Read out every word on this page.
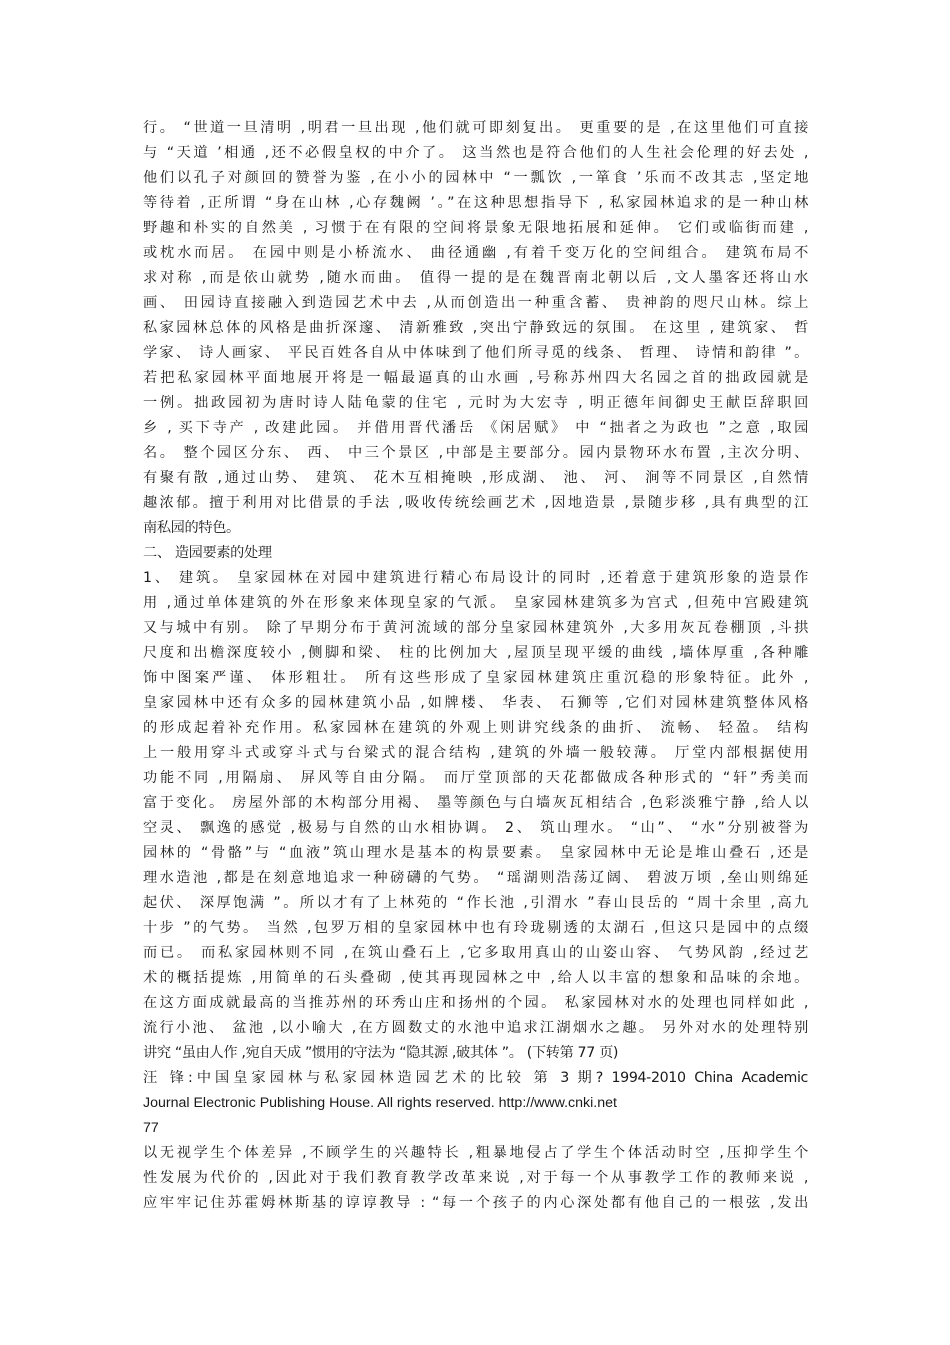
行。 “世道一旦清明 ,明君一旦出现 ,他们就可即刻复出。 更重要的是 ,在这里他们可直接
与 “天道 ’相通 ,还不必假皇权的中介了。 这当然也是符合他们的人生社会伦理的好去处 ,
他们以孔子对颜回的赞誉为鉴 ,在小小的园林中 “一瓢饮 ,一箪食 ’乐而不改其志 ,坚定地
等待着 ,正所谓 “身在山林 ,心存魏阙 ’。”在这种思想指导下 , 私家园林追求的是一种山林
野趣和朴实的自然美 , 习惯于在有限的空间将景象无限地拓展和延伸。 它们或临街而建 ,
或枕水而居。 在园中则是小桥流水、 曲径通幽 ,有着千变万化的空间组合。 建筑布局不
求对称 ,而是依山就势 ,随水而曲。 值得一提的是在魏晋南北朝以后 ,文人墨客还将山水
画、 田园诗直接融入到造园艺术中去 ,从而创造出一种重含蓄、 贵神韵的咫尺山林。综上
私家园林总体的风格是曲折深邃、 清新雅致 ,突出宁静致远的氛围。 在这里 , 建筑家、 哲
学家、 诗人画家、 平民百姓各自从中体味到了他们所寻觅的线条、 哲理、 诗情和韵律 ”。
若把私家园林平面地展开将是一幅最逼真的山水画 ,号称苏州四大名园之首的拙政园就是
一例。拙政园初为唐时诗人陆龟蒙的住宅 , 元时为大宏寺 , 明正德年间御史王献臣辞职回
乡 , 买下寺产 , 改建此园。 并借用晋代潘岳 《闲居赋》 中 “拙者之为政也 ”之意 ,取园
名。 整个园区分东、 西、 中三个景区 ,中部是主要部分。园内景物环水布置 ,主次分明、
有聚有散 ,通过山势、 建筑、 花木互相掩映 ,形成湖、 池、 河、 涧等不同景区 ,自然情
趣浓郁。擅于利用对比借景的手法 ,吸收传统绘画艺术 ,因地造景 ,景随步移 ,具有典型的江
南私园的特色。
二、 造园要素的处理
1、 建筑。 皇家园林在对园中建筑进行精心布局设计的同时 ,还着意于建筑形象的造景作
用 ,通过单体建筑的外在形象来体现皇家的气派。 皇家园林建筑多为宫式 ,但苑中宫殿建筑
又与城中有别。 除了早期分布于黄河流域的部分皇家园林建筑外 ,大多用灰瓦卷棚顶 ,斗拱
尺度和出檐深度较小 ,侧脚和梁、 柱的比例加大 ,屋顶呈现平缓的曲线 ,墙体厚重 ,各种雕
饰中图案严谨、 体形粗壮。 所有这些形成了皇家园林建筑庄重沉稳的形象特征。此外 ,
皇家园林中还有众多的园林建筑小品 ,如牌楼、 华表、 石狮等 ,它们对园林建筑整体风格
的形成起着补充作用。私家园林在建筑的外观上则讲究线条的曲折、 流畅、 轻盈。 结构
上一般用穿斗式或穿斗式与台梁式的混合结构 ,建筑的外墙一般较薄。 厅堂内部根据使用
功能不同 ,用隔扇、 屏风等自由分隔。 而厅堂顶部的天花都做成各种形式的 “轩”秀美而
富于变化。 房屋外部的木构部分用褐、 墨等颜色与白墙灰瓦相结合 ,色彩淡雅宁静 ,给人以
空灵、 飘逸的感觉 ,极易与自然的山水相协调。 2、 筑山理水。 “山”、 “水”分别被誉为
园林的 “骨骼”与 “血液”筑山理水是基本的构景要素。 皇家园林中无论是堆山叠石 ,还是
理水造池 ,都是在刻意地追求一种磅礴的气势。 “瑶湖则浩荡辽阔、 碧波万顷 ,垒山则绵延
起伏、 深厚饱满 ”。所以才有了上林苑的 “作长池 ,引渭水 ”春山艮岳的 “周十余里 ,高九
十步 ”的气势。 当然 ,包罗万相的皇家园林中也有玲珑剔透的太湖石 ,但这只是园中的点缀
而已。 而私家园林则不同 ,在筑山叠石上 ,它多取用真山的山姿山容、 气势风韵 ,经过艺
术的概括提炼 ,用简单的石头叠砌 ,使其再现园林之中 ,给人以丰富的想象和品味的余地。
在这方面成就最高的当推苏州的环秀山庄和扬州的个园。 私家园林对水的处理也同样如此 ,
流行小池、 盆池 ,以小喻大 ,在方圆数丈的水池中追求江湖烟水之趣。 另外对水的处理特别
讲究 “虽由人作 ,宛自天成 ”惯用的守法为 “隐其源 ,破其体 ”。 (下转第 77 页)
汪 锋:中国皇家园林与私家园林造园艺术的比较 第 3 期? 1994-2010 China Academic
Journal Electronic Publishing House. All rights reserved. http://www.cnki.net
77
以无视学生个体差异 ,不顾学生的兴趣特长 ,粗暴地侵占了学生个体活动时空 ,压抑学生个
性发展为代价的 ,因此对于我们教育教学改革来说 ,对于每一个从事教学工作的教师来说 ,
应牢牢记住苏霍姆林斯基的谆谆教导 : “每一个孩子的内心深处都有他自己的一根弦 ,发出
